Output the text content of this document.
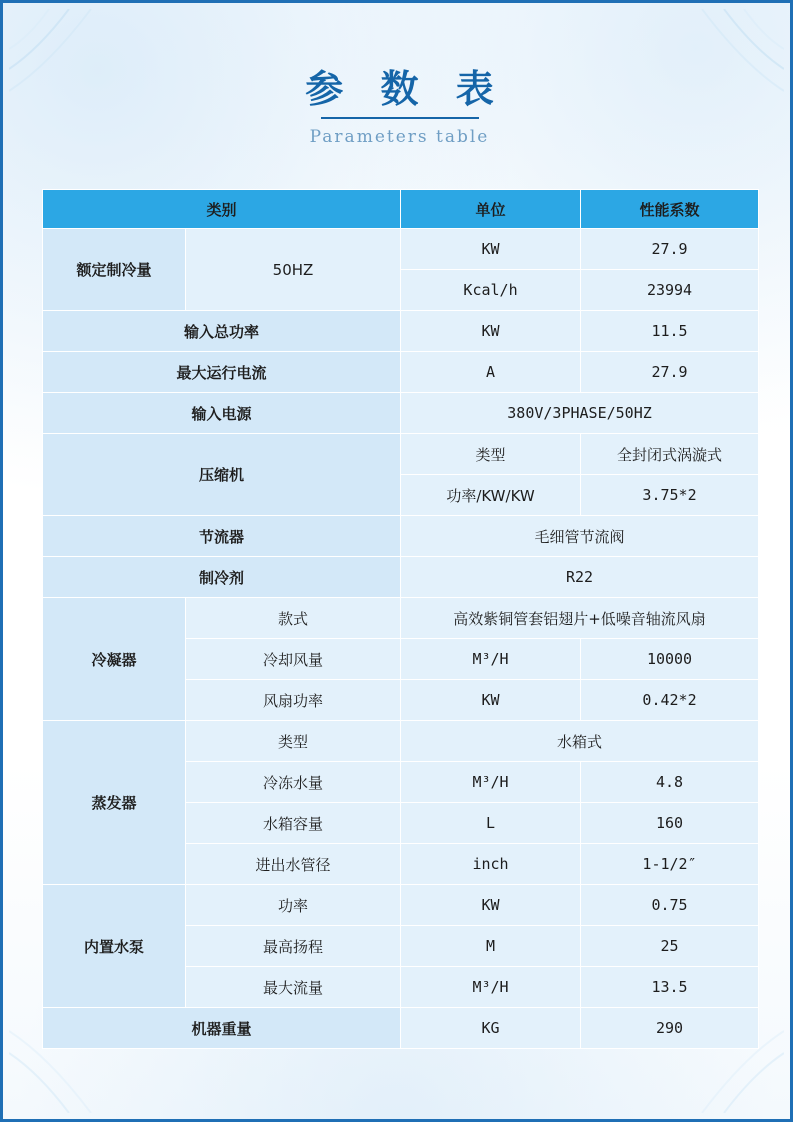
参 数 表
Parameters table
类别		单位	性能系数
额定制冷量	50HZ	KW	27.9
		Kcal/h	23994
输入总功率		KW	11.5
最大运行电流		A	27.9
输入电源		380V/3PHASE/50HZ	
压缩机		类型	全封闭式涡漩式
		功率/KW/KW	3.75*2
节流器		毛细管节流阀	
制冷剂		R22	
冷凝器	款式	高效紫铜管套铝翅片+低噪音轴流风扇	
	冷却风量	M³/H	10000
	风扇功率	KW	0.42*2
蒸发器	类型	水箱式	
	冷冻水量	M³/H	4.8
	水箱容量	L	160
	进出水管径	inch	1-1/2″
内置水泵	功率	KW	0.75
	最高扬程	M	25
	最大流量	M³/H	13.5
机器重量		KG	290
